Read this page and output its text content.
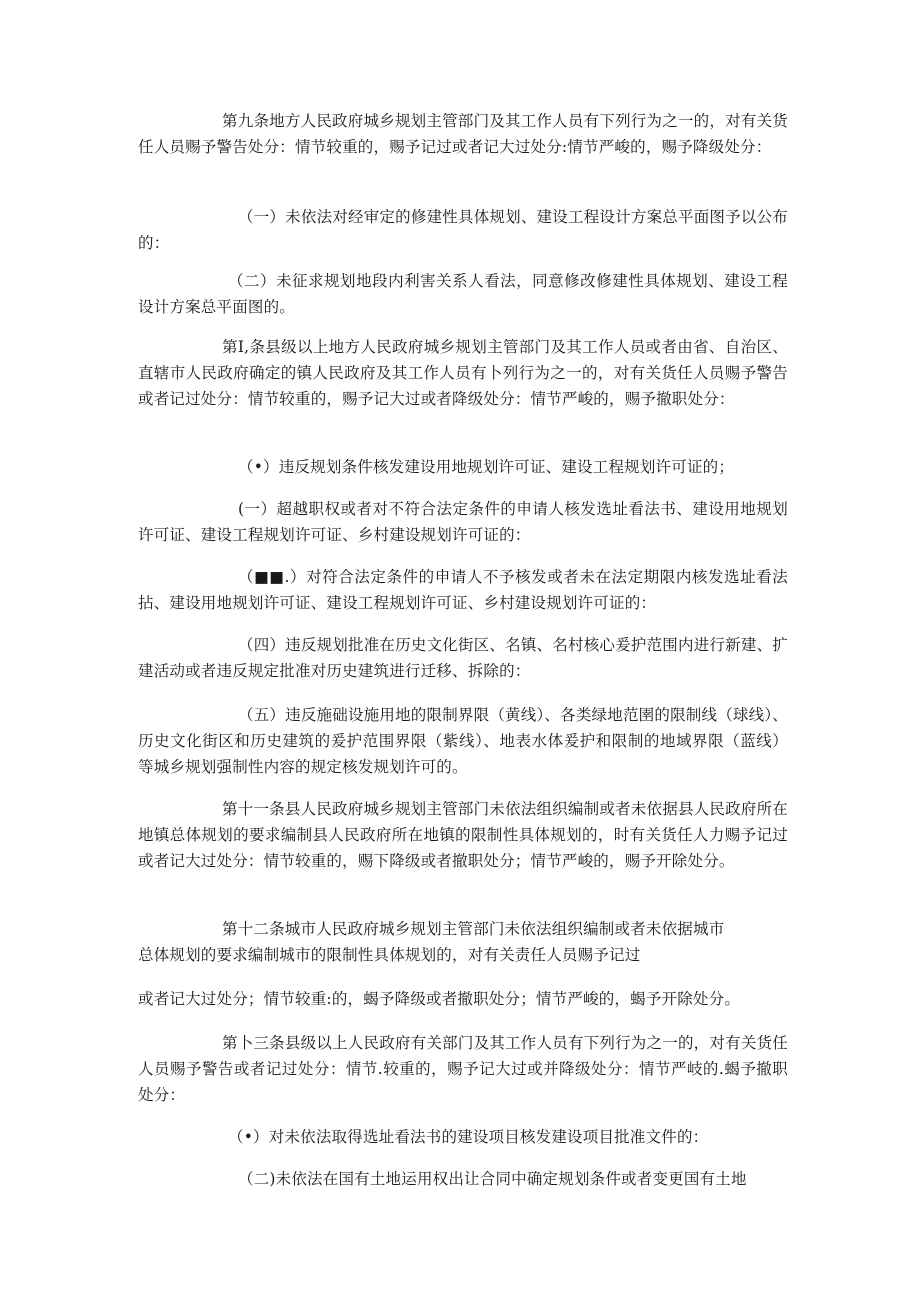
第九条地方人民政府城乡规划主管部门及其工作人员有下列行为之一的，对有关货任人员赐予警告处分：情节较重的，赐予记过或者记大过处分:情节严峻的，赐予降级处分：

（一）未依法对经审定的修建性具体规划、建设工程设计方案总平面图予以公布的：

（二）未征求规划地段内利害关系人看法，同意修改修建性具体规划、建设工程设计方案总平面图的。

第I,条县级以上地方人民政府城乡规划主管部门及其工作人员或者由省、自治区、直辖市人民政府确定的镇人民政府及其工作人员有卜列行为之一的，对有关货任人员赐予警告或者记过处分：情节较重的，赐予记大过或者降级处分：情节严峻的，赐予撤职处分：

（•）违反规划条件核发建设用地规划许可证、建设工程规划许可证的；

(一）超越职权或者对不符合法定条件的申请人核发选址看法书、建设用地规划许可证、建设工程规划许可证、乡村建设规划许可证的：

（■■.）对符合法定条件的申请人不予核发或者未在法定期限内核发选址看法拈、建设用地规划许可证、建设工程规划许可证、乡村建设规划许可证的：

（四）违反规划批准在历史文化街区、名镇、名村核心爰护范围内进行新建、扩建活动或者违反规定批准对历史建筑进行迁移、拆除的：

（五）违反施础设施用地的限制界限（黄线）、各类绿地范圉的限制线（球线）、历史文化街区和历史建筑的爰护范围界限（紫线）、地表水体爰护和限制的地域界限（蓝线）等城乡规划强制性内容的规定核发规划许可的。

第十一条县人民政府城乡规划主管部门未依法组织编制或者未依据县人民政府所在地镇总体规划的要求编制县人民政府所在地镇的限制性具体规划的，时有关货任人力赐予记过或者记大过处分：情节较重的，赐下降级或者撤职处分；情节严峻的，赐予开除处分。

第十二条城市人民政府城乡规划主管部门未依法组织编制或者未依据城市

总体规划的要求编制城市的限制性具体规划的，对有关责任人员赐予记过

或者记大过处分；情节较重:的，蝎予降级或者撤职处分；情节严峻的，蝎予开除处分。

第卜三条县级以上人民政府有关部门及其工作人员有下列行为之一的，对有关货任人员赐予警告或者记过处分：情节.较重的，赐予记大过或并降级处分：情节严岐的.蝎予撤职处分：

（•）对未依法取得选址看法书的建设项目核发建设项目批准文件的：

（二)未依法在国有土地运用权出让合同中确定规划条件或者变更国有土地
